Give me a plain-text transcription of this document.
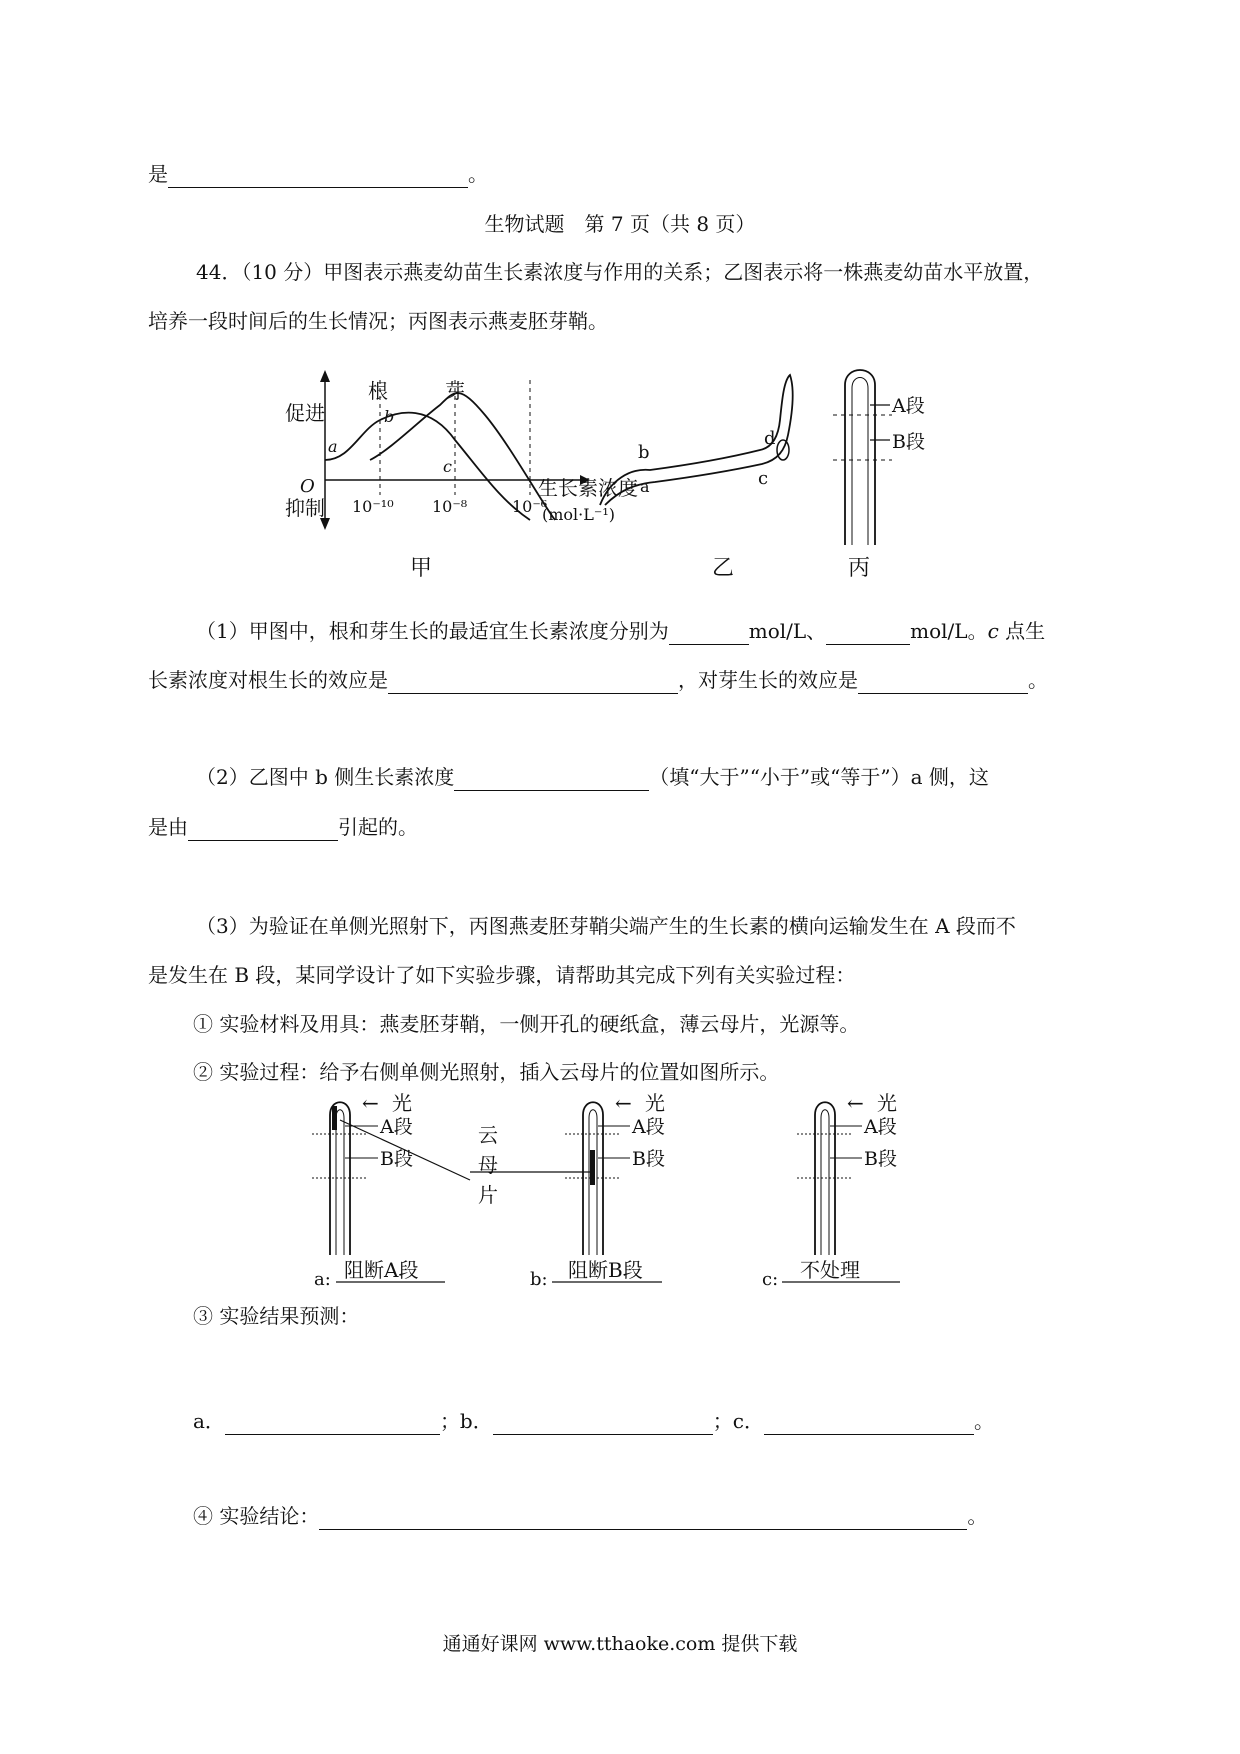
是	。
生物试题　第 7 页（共 8 页）
44．（10 分）甲图表示燕麦幼苗生长素浓度与作用的关系；乙图表示将一株燕麦幼苗水平放置，
培养一段时间后的生长情况；丙图表示燕麦胚芽鞘。
根	芽
促进
抑制
O
a
b
c
10⁻¹⁰ 10⁻⁸	10⁻⁶
生长素浓度
(mol·L⁻¹)
甲
b
a	c
d
乙
A段
B段
丙
（1）甲图中，根和芽生长的最适宜生长素浓度分别为	mol/L、	mol/L。c 点生
长素浓度对根生长的效应是	，对芽生长的效应是	。
（2）乙图中 b 侧生长素浓度	（填“大于”“小于”或“等于”）a 侧，这
是由	引起的。
（3）为验证在单侧光照射下，丙图燕麦胚芽鞘尖端产生的生长素的横向运输发生在 A 段而不
是发生在 B 段，某同学设计了如下实验步骤，请帮助其完成下列有关实验过程：
① 实验材料及用具：燕麦胚芽鞘，一侧开孔的硬纸盒，薄云母片，光源等。
② 实验过程：给予右侧单侧光照射，插入云母片的位置如图所示。
A段
B段
← 光
a: 阻断A段
云
母
片
A段
B段
← 光
b: 阻断B段
A段
B段
← 光
c: 不处理
③ 实验结果预测：
a．	；b．	；c．	。
④ 实验结论：	。
通通好课网 www.tthaoke.com 提供下载
